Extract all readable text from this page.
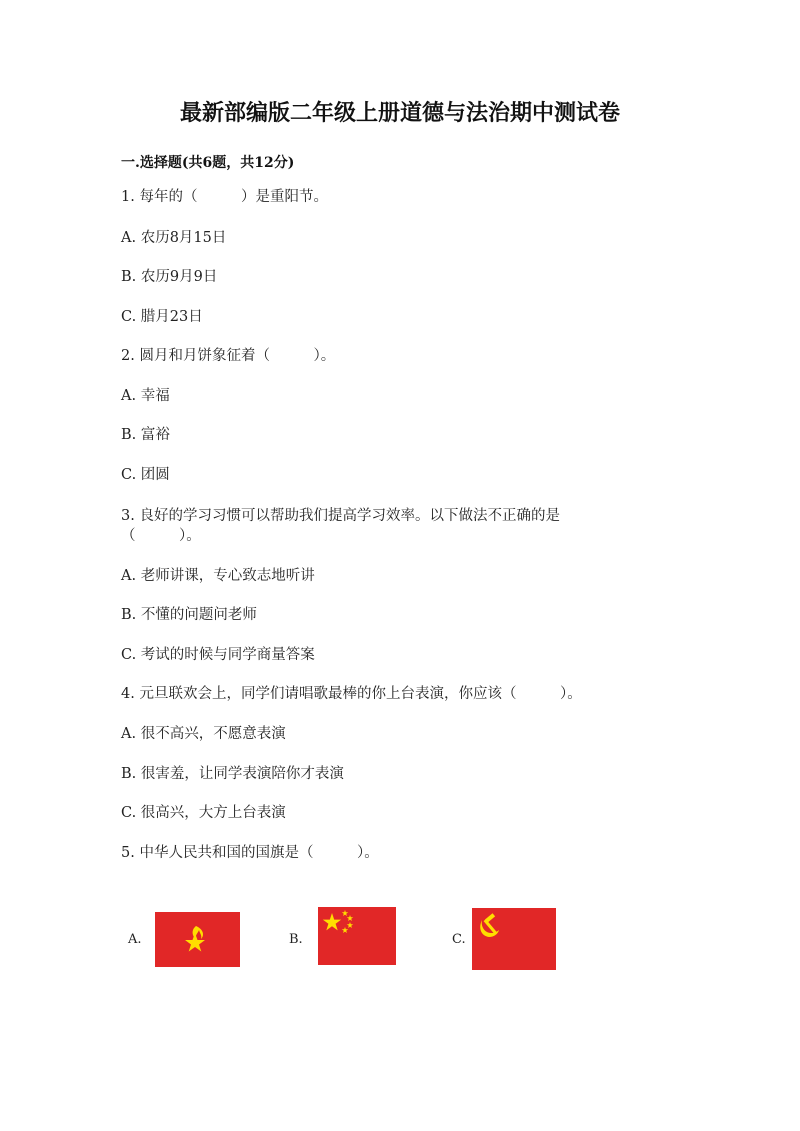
最新部编版二年级上册道德与法治期中测试卷
一.选择题(共6题，共12分)
1. 每年的（　　　）是重阳节。
A. 农历8月15日
B. 农历9月9日
C. 腊月23日
2. 圆月和月饼象征着（　　　）。
A. 幸福
B. 富裕
C. 团圆
3. 良好的学习习惯可以帮助我们提高学习效率。以下做法不正确的是
（　　　）。
A. 老师讲课，专心致志地听讲
B. 不懂的问题问老师
C. 考试的时候与同学商量答案
4. 元旦联欢会上，同学们请唱歌最棒的你上台表演，你应该（　　　）。
A. 很不高兴，不愿意表演
B. 很害羞，让同学表演陪你才表演
C. 很高兴，大方上台表演
5. 中华人民共和国的国旗是（　　　）。
A.	B.	C.
